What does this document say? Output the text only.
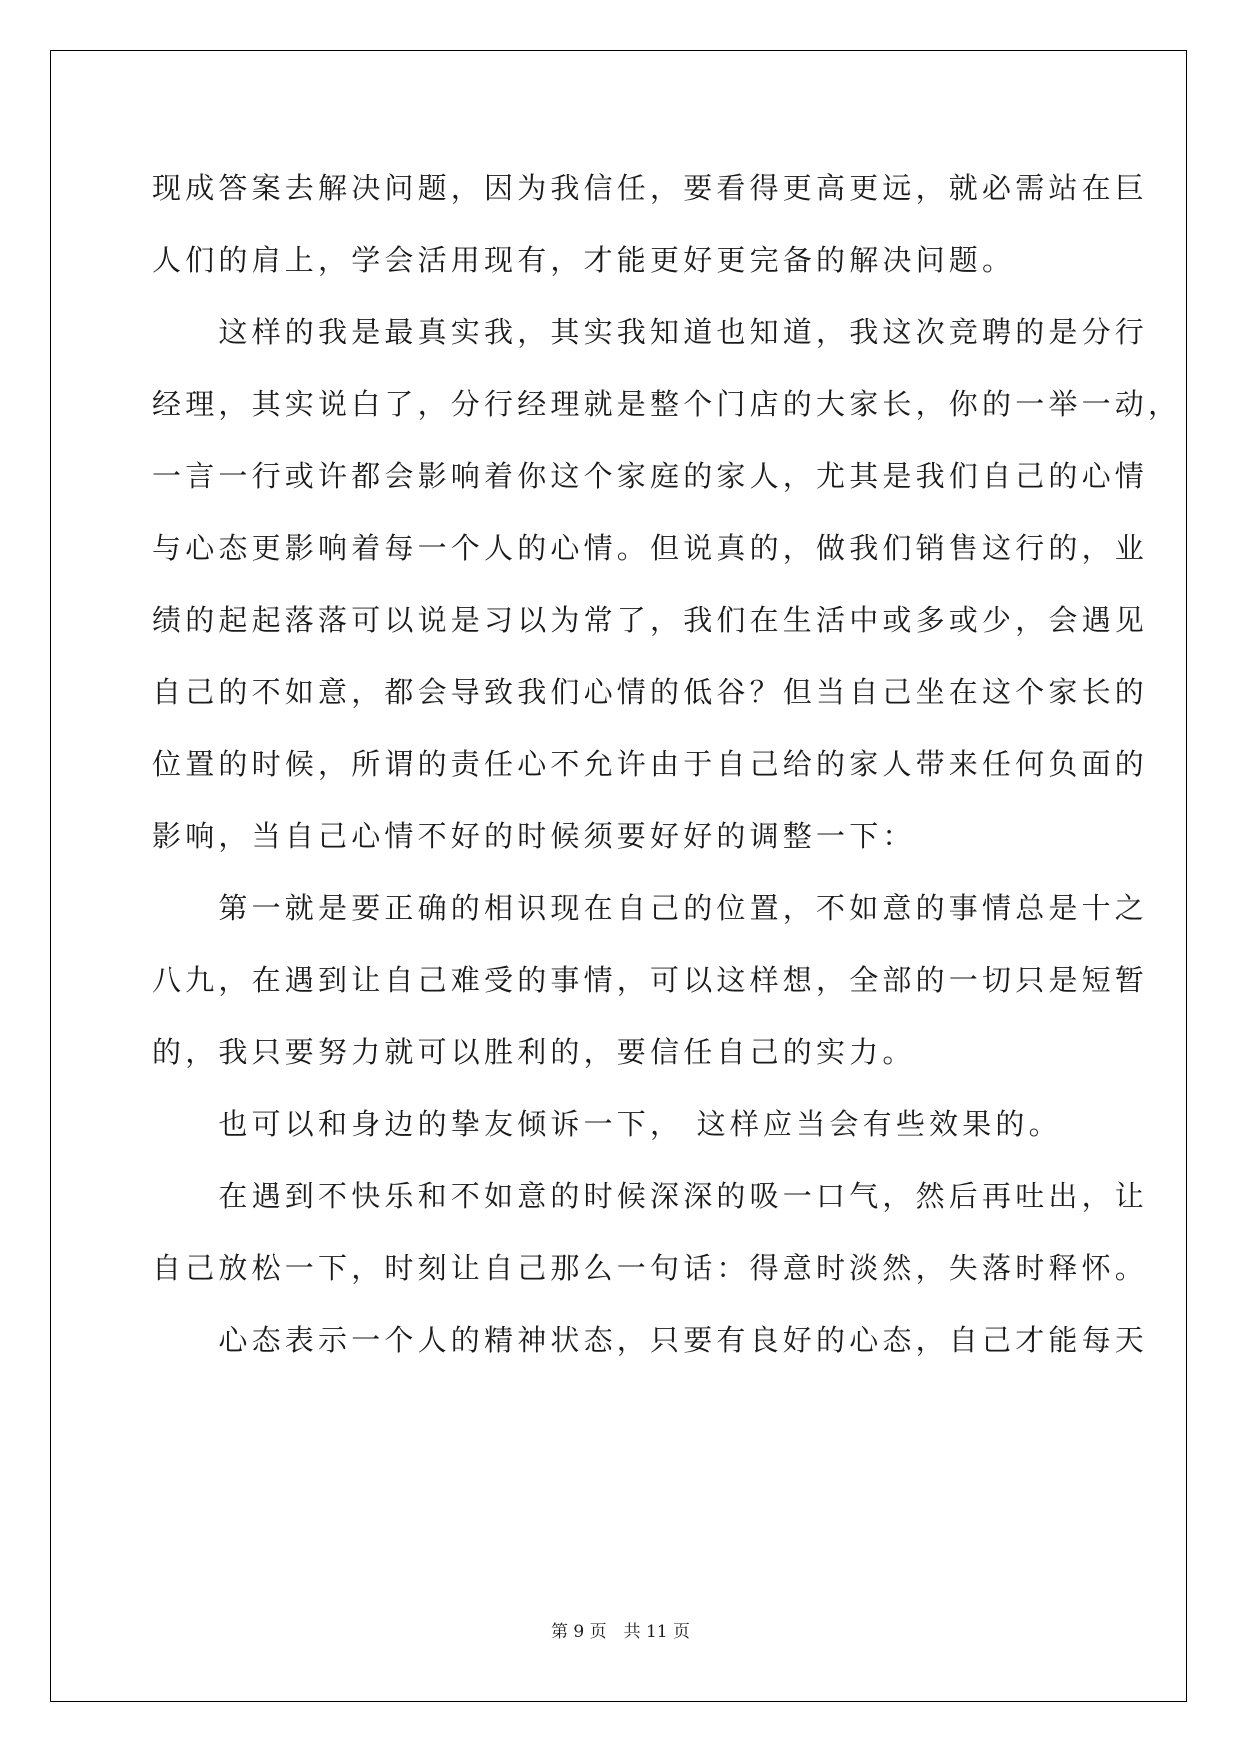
现成答案去解决问题，因为我信任，要看得更高更远，就必需站在巨
人们的肩上，学会活用现有，才能更好更完备的解决问题。
　　这样的我是最真实我，其实我知道也知道，我这次竞聘的是分行
经理，其实说白了，分行经理就是整个门店的大家长，你的一举一动，
一言一行或许都会影响着你这个家庭的家人，尤其是我们自己的心情
与心态更影响着每一个人的心情。但说真的，做我们销售这行的，业
绩的起起落落可以说是习以为常了，我们在生活中或多或少，会遇见
自己的不如意，都会导致我们心情的低谷？但当自己坐在这个家长的
位置的时候，所谓的责任心不允许由于自己给的家人带来任何负面的
影响，当自己心情不好的时候须要好好的调整一下：
　　第一就是要正确的相识现在自己的位置，不如意的事情总是十之
八九，在遇到让自己难受的事情，可以这样想，全部的一切只是短暂
的，我只要努力就可以胜利的，要信任自己的实力。
　　也可以和身边的挚友倾诉一下， 这样应当会有些效果的。
　　在遇到不快乐和不如意的时候深深的吸一口气，然后再吐出，让
自己放松一下，时刻让自己那么一句话：得意时淡然，失落时释怀。
　　心态表示一个人的精神状态，只要有良好的心态，自己才能每天
第 9 页　共 11 页
